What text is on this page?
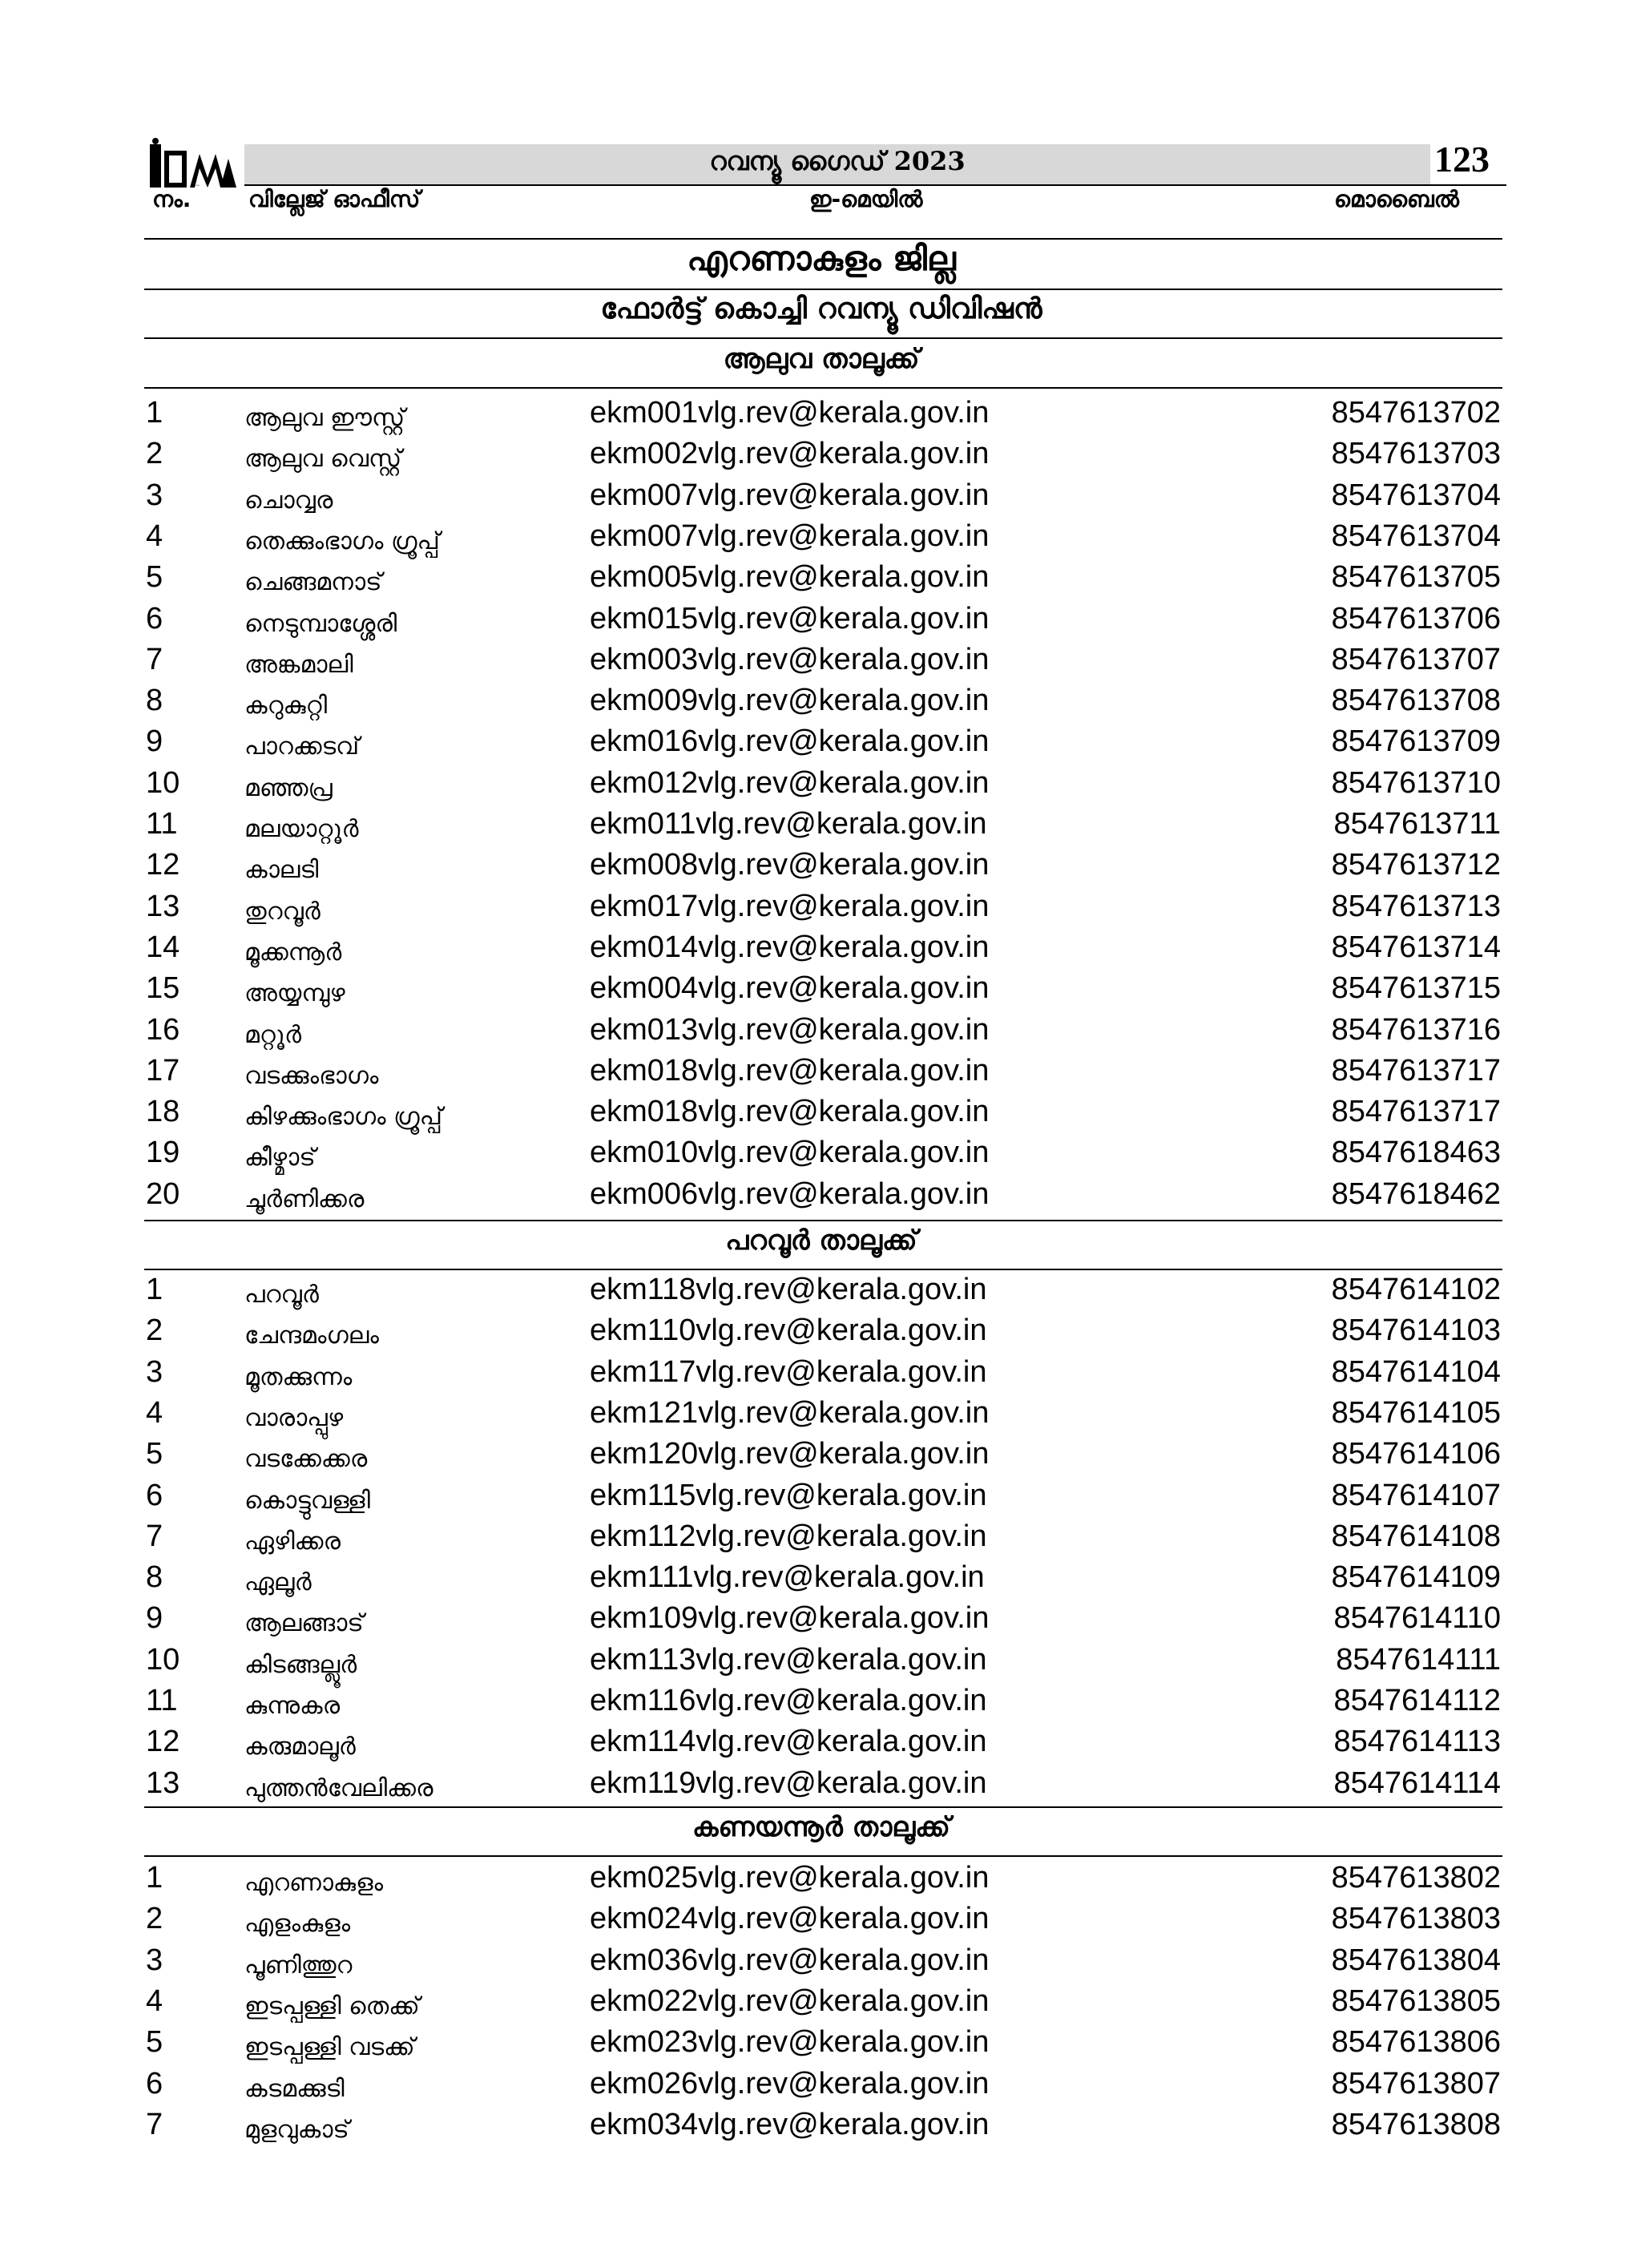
IDM
റവന്യൂ ഗൈഡ് 2023	123
നം.	വില്ലേജ് ഓഫീസ്	ഇ-മെയിൽ	മൊബൈൽ
എറണാകുളം ജില്ല
ഫോർട്ട് കൊച്ചി റവന്യൂ ഡിവിഷൻ
ആലുവ താലൂക്ക്
1	ആലുവ ഈസ്റ്റ്	ekm001vlg.rev@kerala.gov.in	8547613702
2	ആലുവ വെസ്റ്റ്	ekm002vlg.rev@kerala.gov.in	8547613703
3	ചൊവ്വര	ekm007vlg.rev@kerala.gov.in	8547613704
4	തെക്കുംഭാഗം ഗ്രൂപ്പ്	ekm007vlg.rev@kerala.gov.in	8547613704
5	ചെങ്ങമനാട്	ekm005vlg.rev@kerala.gov.in	8547613705
6	നെടുമ്പാശ്ശേരി	ekm015vlg.rev@kerala.gov.in	8547613706
7	അങ്കമാലി	ekm003vlg.rev@kerala.gov.in	8547613707
8	കറുകുറ്റി	ekm009vlg.rev@kerala.gov.in	8547613708
9	പാറക്കടവ്	ekm016vlg.rev@kerala.gov.in	8547613709
10	മഞ്ഞപ്ര	ekm012vlg.rev@kerala.gov.in	8547613710
11	മലയാറ്റൂർ	ekm011vlg.rev@kerala.gov.in	8547613711
12	കാലടി	ekm008vlg.rev@kerala.gov.in	8547613712
13	തുറവൂർ	ekm017vlg.rev@kerala.gov.in	8547613713
14	മൂക്കന്നൂർ	ekm014vlg.rev@kerala.gov.in	8547613714
15	അയ്യമ്പുഴ	ekm004vlg.rev@kerala.gov.in	8547613715
16	മറ്റൂർ	ekm013vlg.rev@kerala.gov.in	8547613716
17	വടക്കുംഭാഗം	ekm018vlg.rev@kerala.gov.in	8547613717
18	കിഴക്കുംഭാഗം ഗ്രൂപ്പ്	ekm018vlg.rev@kerala.gov.in	8547613717
19	കീഴ്മാട്	ekm010vlg.rev@kerala.gov.in	8547618463
20	ചൂർണിക്കര	ekm006vlg.rev@kerala.gov.in	8547618462
പറവൂർ താലൂക്ക്
1	പറവൂർ	ekm118vlg.rev@kerala.gov.in	8547614102
2	ചേന്ദമംഗലം	ekm110vlg.rev@kerala.gov.in	8547614103
3	മൂതക്കുന്നം	ekm117vlg.rev@kerala.gov.in	8547614104
4	വാരാപ്പുഴ	ekm121vlg.rev@kerala.gov.in	8547614105
5	വടക്കേക്കര	ekm120vlg.rev@kerala.gov.in	8547614106
6	കൊട്ടുവള്ളി	ekm115vlg.rev@kerala.gov.in	8547614107
7	ഏഴിക്കര	ekm112vlg.rev@kerala.gov.in	8547614108
8	ഏലൂർ	ekm111vlg.rev@kerala.gov.in	8547614109
9	ആലങ്ങാട്	ekm109vlg.rev@kerala.gov.in	8547614110
10	കിടങ്ങല്ലൂർ	ekm113vlg.rev@kerala.gov.in	8547614111
11	കുന്നുകര	ekm116vlg.rev@kerala.gov.in	8547614112
12	കരുമാലൂർ	ekm114vlg.rev@kerala.gov.in	8547614113
13	പുത്തൻവേലിക്കര	ekm119vlg.rev@kerala.gov.in	8547614114
കണയന്നൂർ താലൂക്ക്
1	എറണാകുളം	ekm025vlg.rev@kerala.gov.in	8547613802
2	എളംകുളം	ekm024vlg.rev@kerala.gov.in	8547613803
3	പൂണിത്തുറ	ekm036vlg.rev@kerala.gov.in	8547613804
4	ഇടപ്പള്ളി തെക്ക്	ekm022vlg.rev@kerala.gov.in	8547613805
5	ഇടപ്പള്ളി വടക്ക്	ekm023vlg.rev@kerala.gov.in	8547613806
6	കടമക്കുടി	ekm026vlg.rev@kerala.gov.in	8547613807
7	മുളവുകാട്	ekm034vlg.rev@kerala.gov.in	8547613808
